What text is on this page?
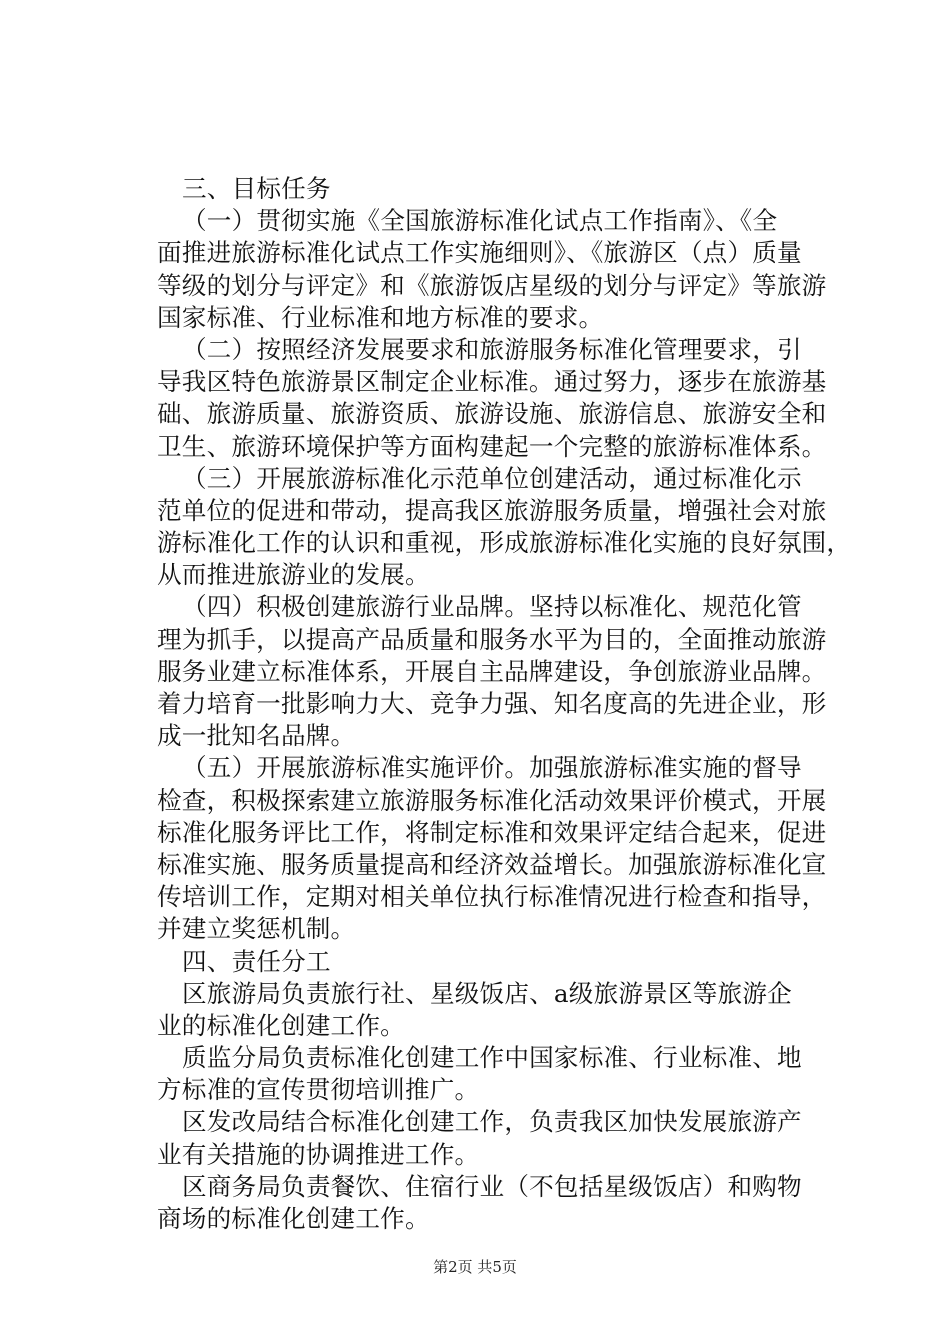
三、目标任务
（一）贯彻实施《全国旅游标准化试点工作指南》、《全
面推进旅游标准化试点工作实施细则》、《旅游区（点）质量
等级的划分与评定》和《旅游饭店星级的划分与评定》等旅游
国家标准、行业标准和地方标准的要求。
（二）按照经济发展要求和旅游服务标准化管理要求，引
导我区特色旅游景区制定企业标准。通过努力，逐步在旅游基
础、旅游质量、旅游资质、旅游设施、旅游信息、旅游安全和
卫生、旅游环境保护等方面构建起一个完整的旅游标准体系。
（三）开展旅游标准化示范单位创建活动，通过标准化示
范单位的促进和带动，提高我区旅游服务质量，增强社会对旅
游标准化工作的认识和重视，形成旅游标准化实施的良好氛围，
从而推进旅游业的发展。
（四）积极创建旅游行业品牌。坚持以标准化、规范化管
理为抓手，以提高产品质量和服务水平为目的，全面推动旅游
服务业建立标准体系，开展自主品牌建设，争创旅游业品牌。
着力培育一批影响力大、竞争力强、知名度高的先进企业，形
成一批知名品牌。
（五）开展旅游标准实施评价。加强旅游标准实施的督导
检查，积极探索建立旅游服务标准化活动效果评价模式，开展
标准化服务评比工作，将制定标准和效果评定结合起来，促进
标准实施、服务质量提高和经济效益增长。加强旅游标准化宣
传培训工作，定期对相关单位执行标准情况进行检查和指导，
并建立奖惩机制。
四、责任分工
区旅游局负责旅行社、星级饭店、a级旅游景区等旅游企
业的标准化创建工作。
质监分局负责标准化创建工作中国家标准、行业标准、地
方标准的宣传贯彻培训推广。
区发改局结合标准化创建工作，负责我区加快发展旅游产
业有关措施的协调推进工作。
区商务局负责餐饮、住宿行业（不包括星级饭店）和购物
商场的标准化创建工作。
第2页 共5页
